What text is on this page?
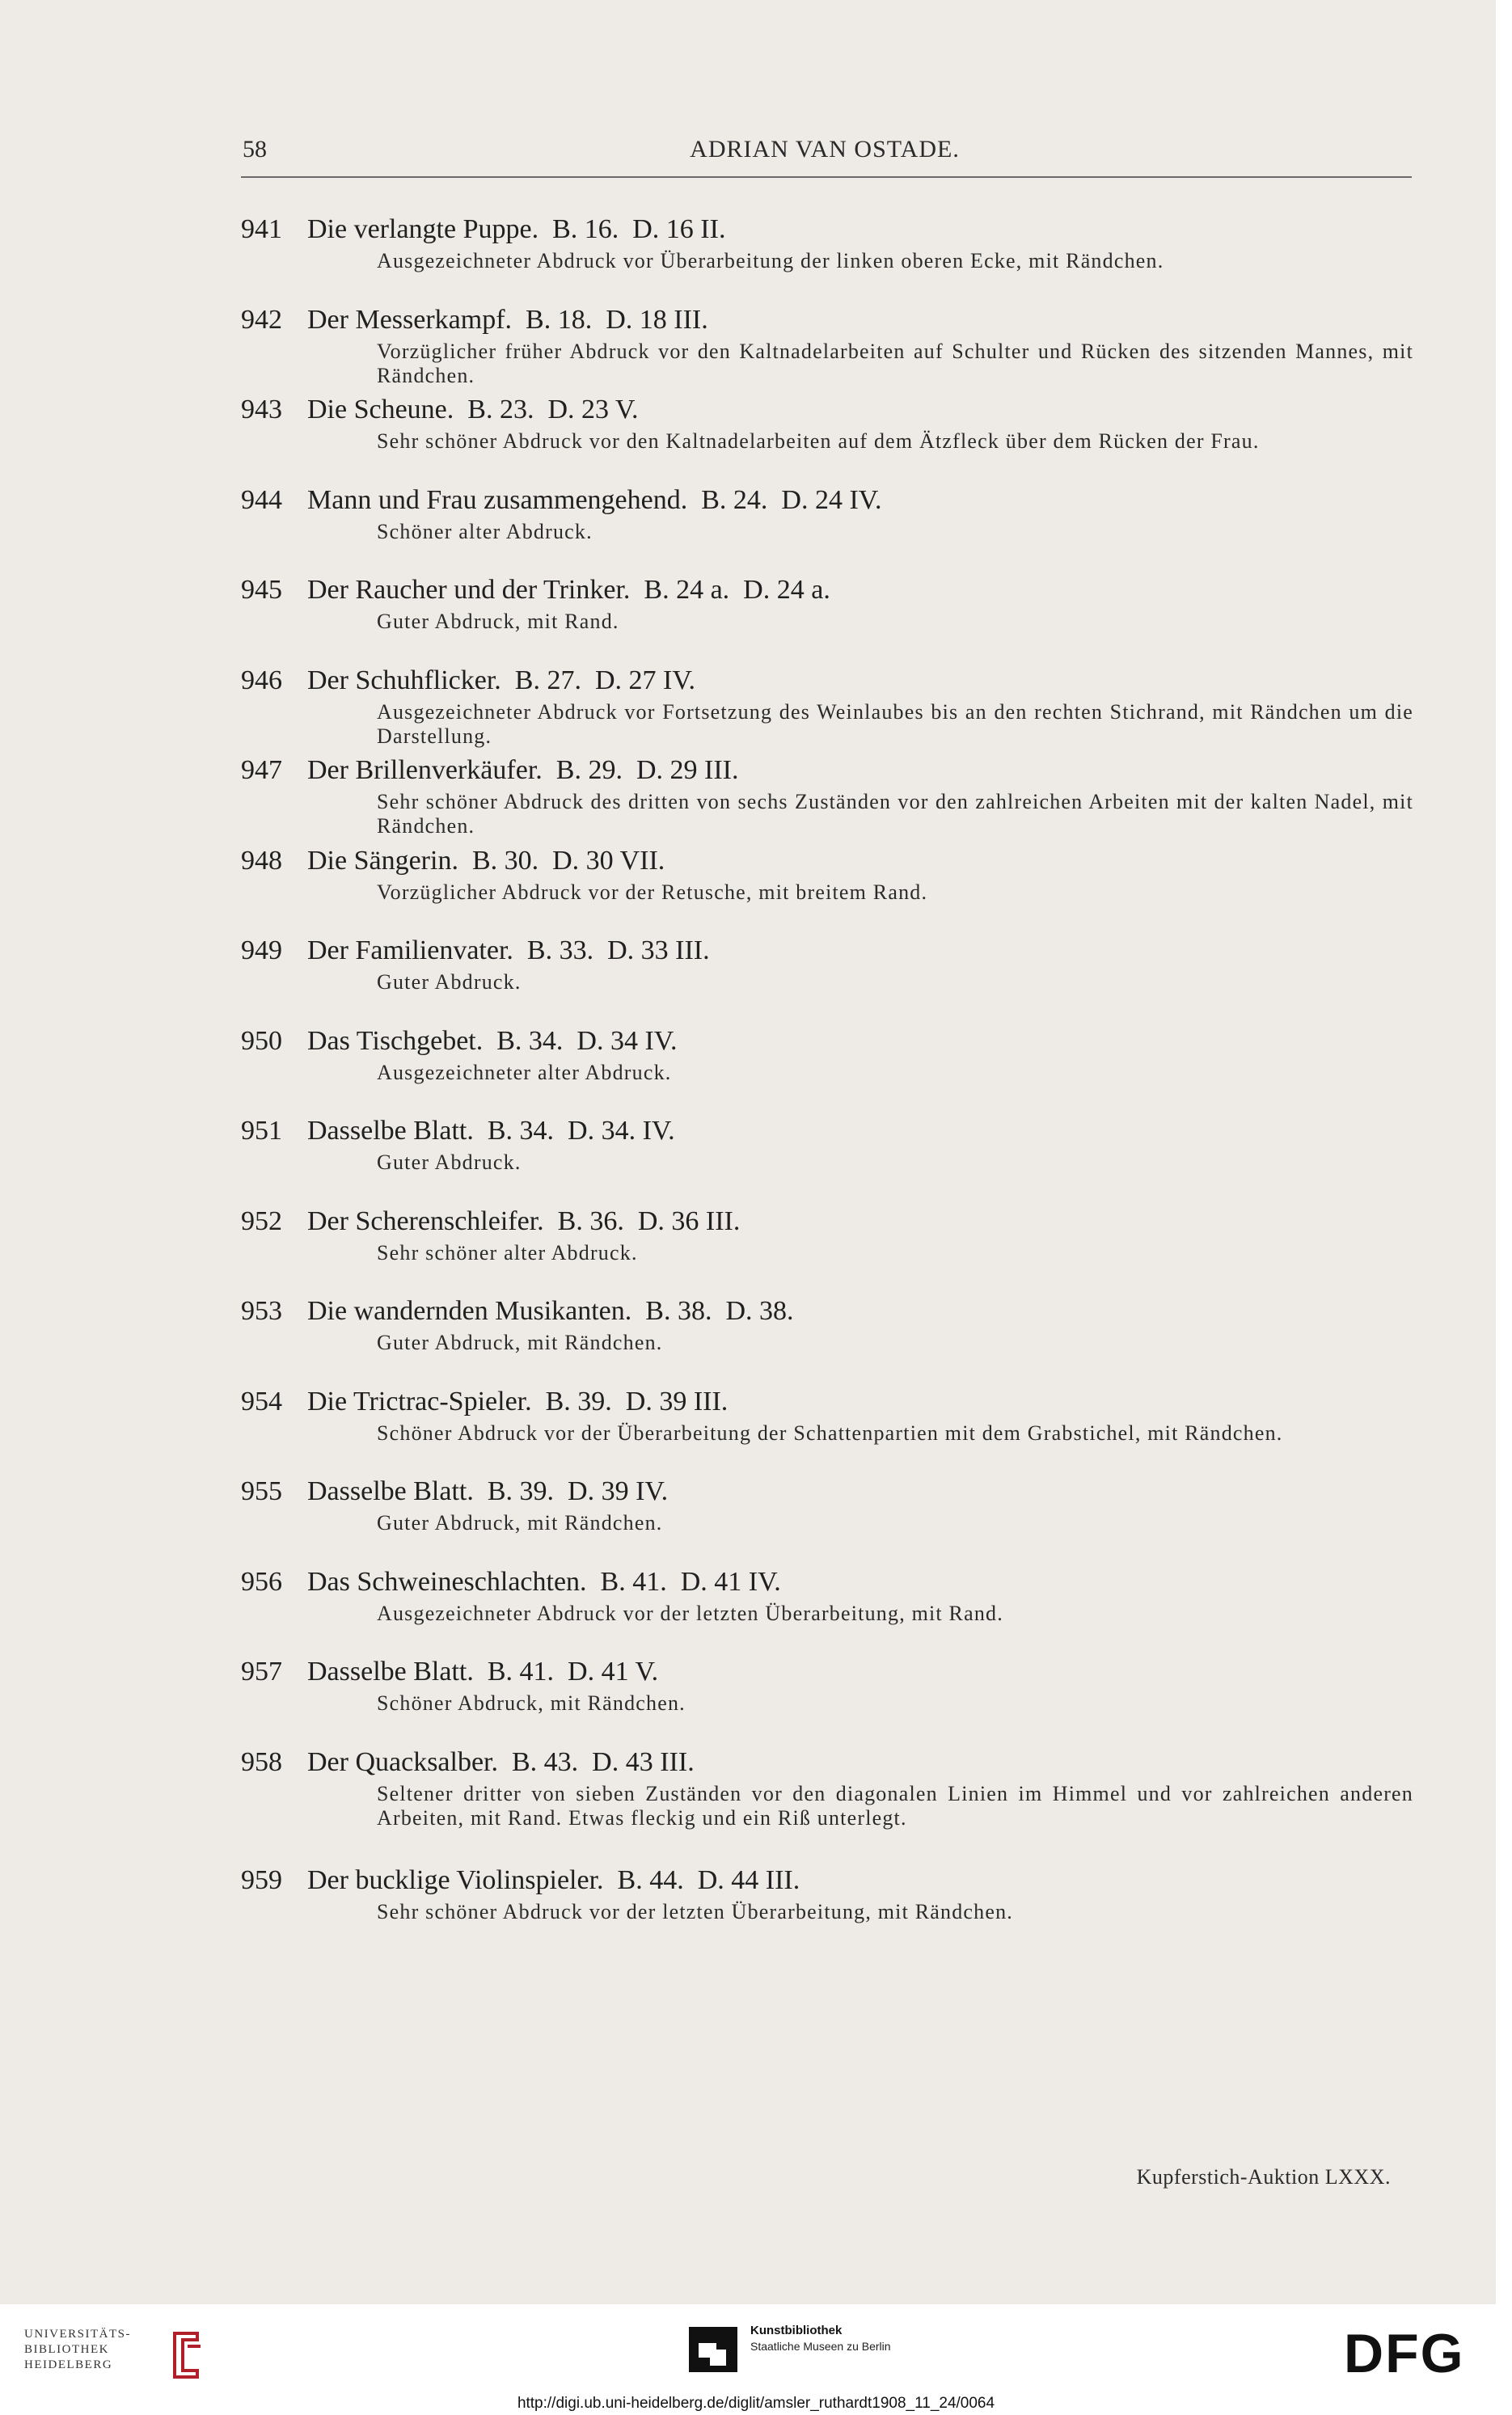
58	ADRIAN VAN OSTADE.
941 Die verlangte Puppe.  B. 16.  D. 16 II.
Ausgezeichneter Abdruck vor Überarbeitung der linken oberen Ecke, mit Rändchen.
942 Der Messerkampf.  B. 18.  D. 18 III.
Vorzüglicher früher Abdruck vor den Kaltnadelarbeiten auf Schulter und Rücken des sitzenden Mannes, mit Rändchen.
943 Die Scheune.  B. 23.  D. 23 V.
Sehr schöner Abdruck vor den Kaltnadelarbeiten auf dem Ätzfleck über dem Rücken der Frau.
944 Mann und Frau zusammengehend.  B. 24.  D. 24 IV.
Schöner alter Abdruck.
945 Der Raucher und der Trinker.  B. 24 a.  D. 24 a.
Guter Abdruck, mit Rand.
946 Der Schuhflicker.  B. 27.  D. 27 IV.
Ausgezeichneter Abdruck vor Fortsetzung des Weinlaubes bis an den rechten Stichrand, mit Rändchen um die Darstellung.
947 Der Brillenverkäufer.  B. 29.  D. 29 III.
Sehr schöner Abdruck des dritten von sechs Zuständen vor den zahlreichen Arbeiten mit der kalten Nadel, mit Rändchen.
948 Die Sängerin.  B. 30.  D. 30 VII.
Vorzüglicher Abdruck vor der Retusche, mit breitem Rand.
949 Der Familienvater.  B. 33.  D. 33 III.
Guter Abdruck.
950 Das Tischgebet.  B. 34.  D. 34 IV.
Ausgezeichneter alter Abdruck.
951 Dasselbe Blatt.  B. 34.  D. 34. IV.
Guter Abdruck.
952 Der Scherenschleifer.  B. 36.  D. 36 III.
Sehr schöner alter Abdruck.
953 Die wandernden Musikanten.  B. 38.  D. 38.
Guter Abdruck, mit Rändchen.
954 Die Trictrac-Spieler.  B. 39.  D. 39 III.
Schöner Abdruck vor der Überarbeitung der Schattenpartien mit dem Grabstichel, mit Rändchen.
955 Dasselbe Blatt.  B. 39.  D. 39 IV.
Guter Abdruck, mit Rändchen.
956 Das Schweineschlachten.  B. 41.  D. 41 IV.
Ausgezeichneter Abdruck vor der letzten Überarbeitung, mit Rand.
957 Dasselbe Blatt.  B. 41.  D. 41 V.
Schöner Abdruck, mit Rändchen.
958 Der Quacksalber.  B. 43.  D. 43 III.
Seltener dritter von sieben Zuständen vor den diagonalen Linien im Himmel und vor zahlreichen anderen Arbeiten, mit Rand. Etwas fleckig und ein Riß unterlegt.
959 Der bucklige Violinspieler.  B. 44.  D. 44 III.
Sehr schöner Abdruck vor der letzten Überarbeitung, mit Rändchen.
Kupferstich-Auktion LXXX.
UNIVERSITÄTS-
BIBLIOTHEK
HEIDELBERG
Kunstbibliothek
Staatliche Museen zu Berlin	DFG
http://digi.ub.uni-heidelberg.de/diglit/amsler_ruthardt1908_11_24/0064
